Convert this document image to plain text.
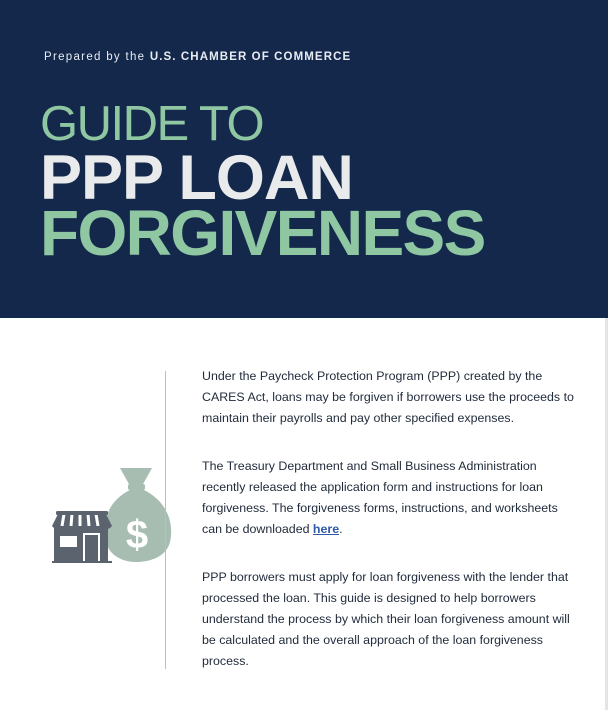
Prepared by the U.S. CHAMBER OF COMMERCE
GUIDE TO
PPP LOAN
FORGIVENESS
$

Under the Paycheck Protection Program (PPP) created by the CARES Act, loans may be forgiven if borrowers use the proceeds to maintain their payrolls and pay other specified expenses.

The Treasury Department and Small Business Administration recently released the application form and instructions for loan forgiveness. The forgiveness forms, instructions, and worksheets can be downloaded here.

PPP borrowers must apply for loan forgiveness with the lender that processed the loan. This guide is designed to help borrowers understand the process by which their loan forgiveness amount will be calculated and the overall approach of the loan forgiveness process.
